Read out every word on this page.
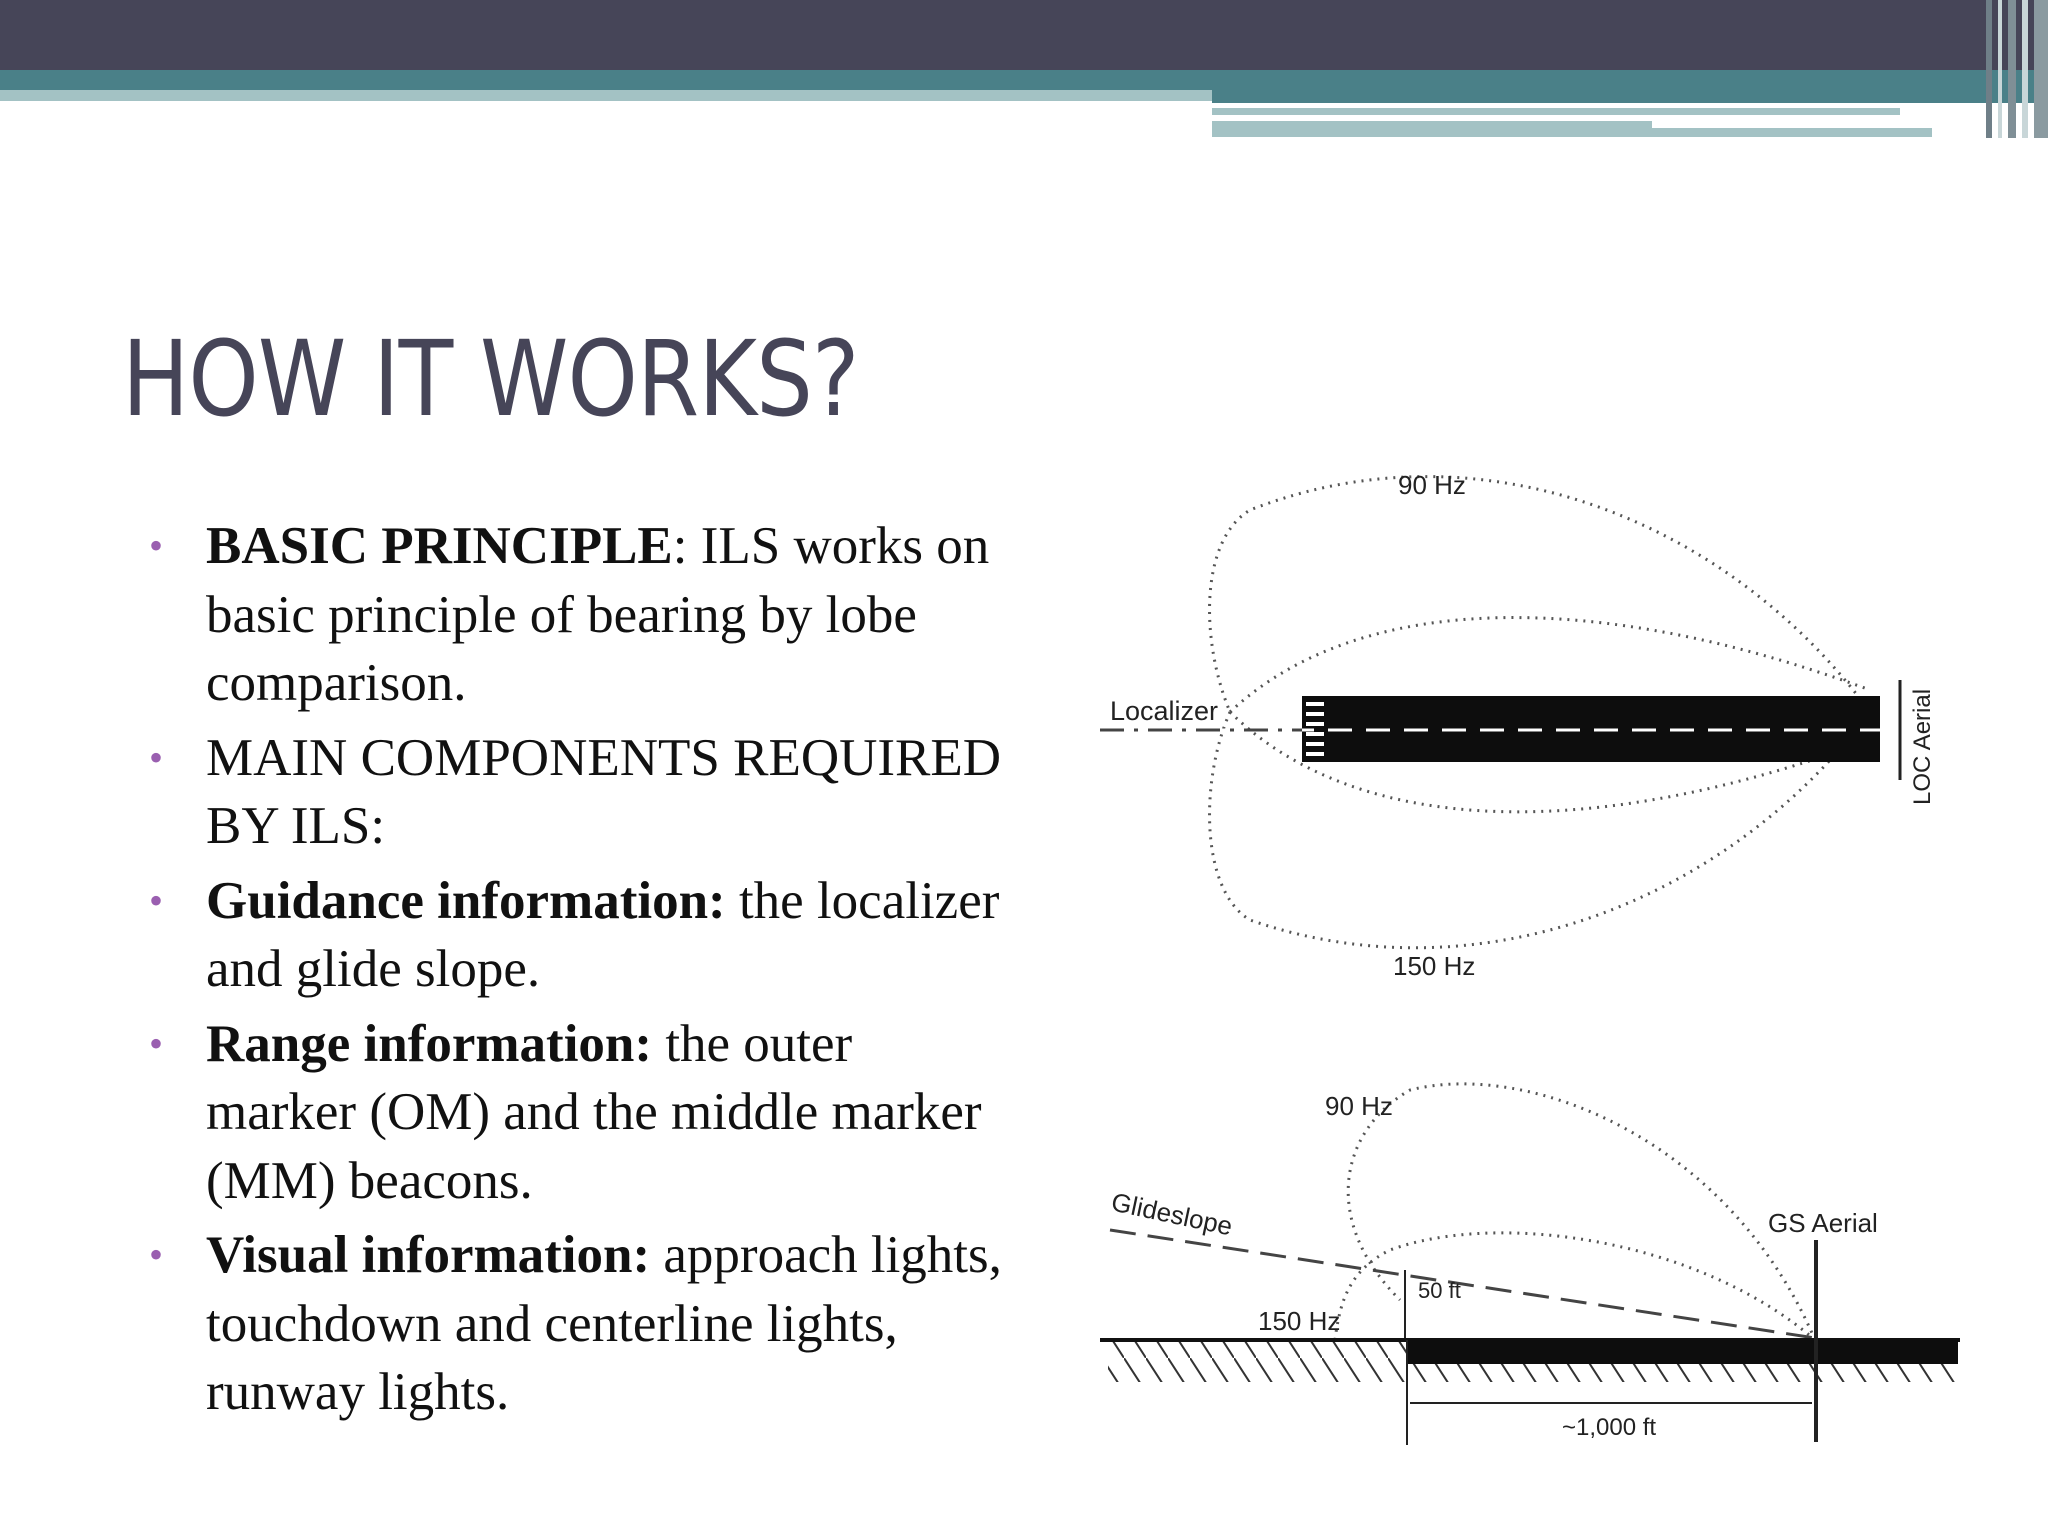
HOW IT WORKS?
• BASIC PRINCIPLE: ILS works on basic principle of bearing by lobe comparison.
• MAIN COMPONENTS REQUIRED BY ILS:
• Guidance information: the localizer and glide slope.
• Range information: the outer marker (OM) and the middle marker (MM) beacons.
• Visual information: approach lights, touchdown and centerline lights, runway lights.
90 Hz
150 Hz
Localizer	LOC Aerial
90 Hz
150 Hz
Glideslope	GS Aerial
50 ft
~1,000 ft
